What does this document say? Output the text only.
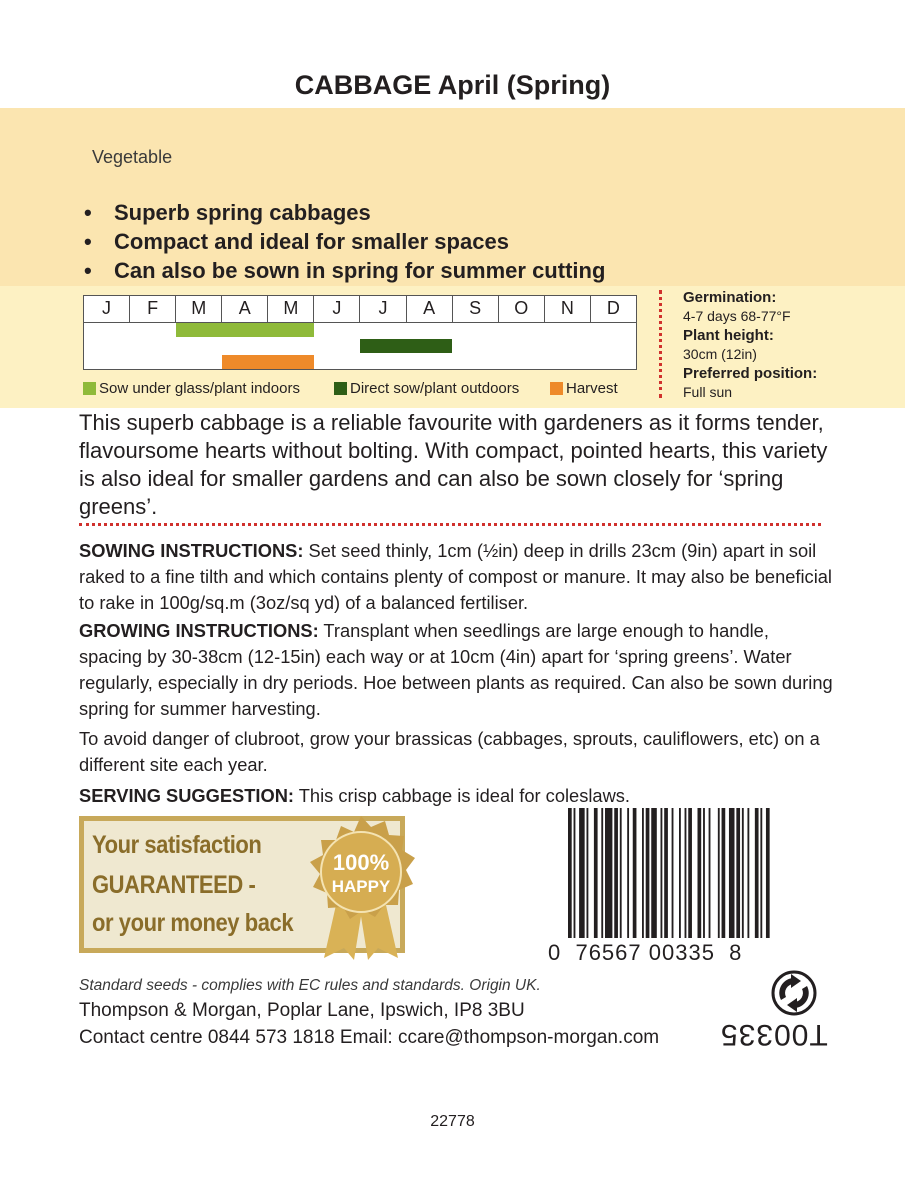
CABBAGE April (Spring)
Vegetable
• Superb spring cabbages
• Compact and ideal for smaller spaces
• Can also be sown in spring for summer cutting
J	F	M	A	M	J	J	A	S	O	N	D
Sow under glass/plant indoors	Direct sow/plant outdoors	Harvest
Germination:
4-7 days 68-77°F
Plant height:
30cm (12in)
Preferred position:
Full sun
This superb cabbage is a reliable favourite with gardeners as it forms tender, flavoursome hearts without bolting. With compact, pointed hearts, this variety is also ideal for smaller gardens and can also be sown closely for ‘spring greens’.
SOWING INSTRUCTIONS: Set seed thinly, 1cm (½in) deep in drills 23cm (9in) apart in soil raked to a fine tilth and which contains plenty of compost or manure. It may also be beneficial to rake in 100g/sq.m (3oz/sq yd) of a balanced fertiliser.
GROWING INSTRUCTIONS: Transplant when seedlings are large enough to handle, spacing by 30-38cm (12-15in) each way or at 10cm (4in) apart for ‘spring greens’. Water regularly, especially in dry periods. Hoe between plants as required. Can also be sown during spring for summer harvesting.
To avoid danger of clubroot, grow your brassicas (cabbages, sprouts, cauliflowers, etc) on a different site each year.
SERVING SUGGESTION: This crisp cabbage is ideal for coleslaws.
Your satisfaction
GUARANTEED -
or your money back
100%
HAPPY
0  76567 00335  8
Standard seeds - complies with EC rules and standards. Origin UK.
Thompson & Morgan, Poplar Lane, Ipswich, IP8 3BU
Contact centre 0844 573 1818 Email: ccare@thompson-morgan.com T00335
22778
